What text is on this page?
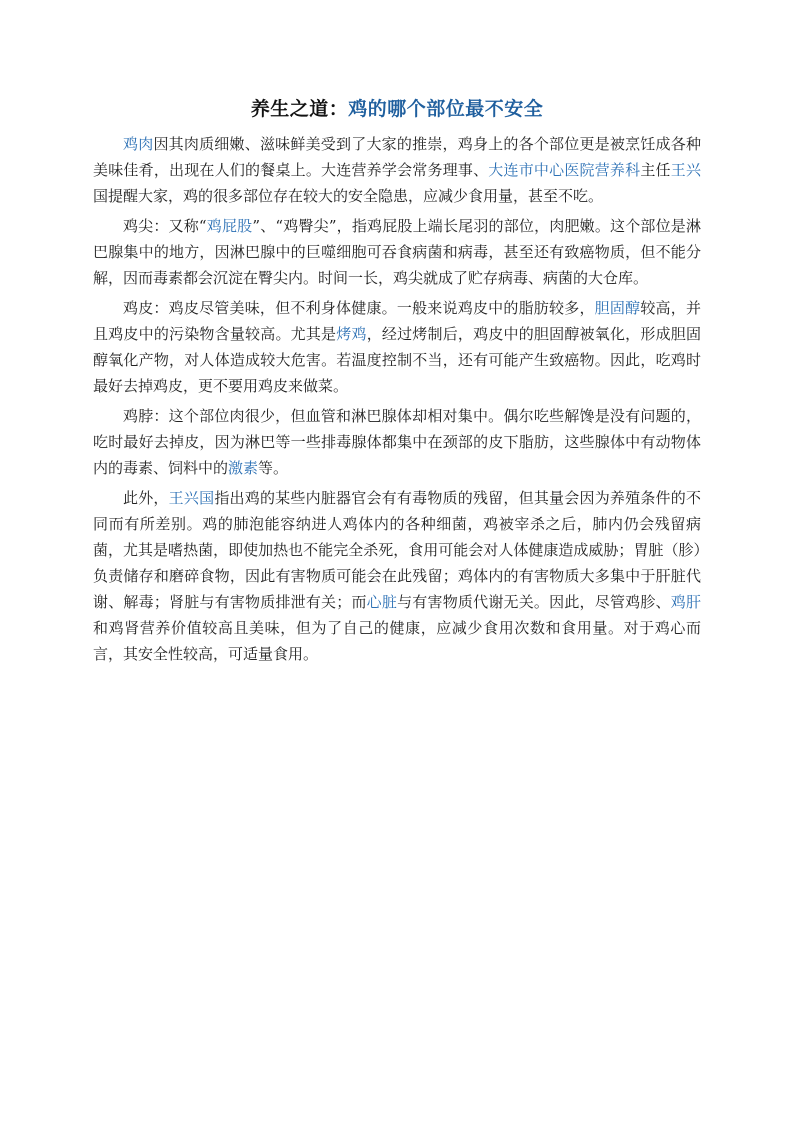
养生之道：鸡的哪个部位最不安全

鸡肉因其肉质细嫩、滋味鲜美受到了大家的推崇，鸡身上的各个部位更是被烹饪成各种美味佳肴，出现在人们的餐桌上。大连营养学会常务理事、大连市中心医院营养科主任王兴国提醒大家，鸡的很多部位存在较大的安全隐患，应减少食用量，甚至不吃。

鸡尖：又称“鸡屁股”、“鸡臀尖”，指鸡屁股上端长尾羽的部位，肉肥嫩。这个部位是淋巴腺集中的地方，因淋巴腺中的巨噬细胞可吞食病菌和病毒，甚至还有致癌物质，但不能分解，因而毒素都会沉淀在臀尖内。时间一长，鸡尖就成了贮存病毒、病菌的大仓库。

鸡皮：鸡皮尽管美味，但不利身体健康。一般来说鸡皮中的脂肪较多，胆固醇较高，并且鸡皮中的污染物含量较高。尤其是烤鸡，经过烤制后，鸡皮中的胆固醇被氧化，形成胆固醇氧化产物，对人体造成较大危害。若温度控制不当，还有可能产生致癌物。因此，吃鸡时最好去掉鸡皮，更不要用鸡皮来做菜。

鸡脖：这个部位肉很少，但血管和淋巴腺体却相对集中。偶尔吃些解馋是没有问题的，吃时最好去掉皮，因为淋巴等一些排毒腺体都集中在颈部的皮下脂肪，这些腺体中有动物体内的毒素、饲料中的激素等。

此外，王兴国指出鸡的某些内脏器官会有有毒物质的残留，但其量会因为养殖条件的不同而有所差别。鸡的肺泡能容纳进人鸡体内的各种细菌，鸡被宰杀之后，肺内仍会残留病菌，尤其是嗜热菌，即使加热也不能完全杀死，食用可能会对人体健康造成威胁；胃脏（胗）负责储存和磨碎食物，因此有害物质可能会在此残留；鸡体内的有害物质大多集中于肝脏代谢、解毒；肾脏与有害物质排泄有关；而心脏与有害物质代谢无关。因此，尽管鸡胗、鸡肝和鸡肾营养价值较高且美味，但为了自己的健康，应减少食用次数和食用量。对于鸡心而言，其安全性较高，可适量食用。
